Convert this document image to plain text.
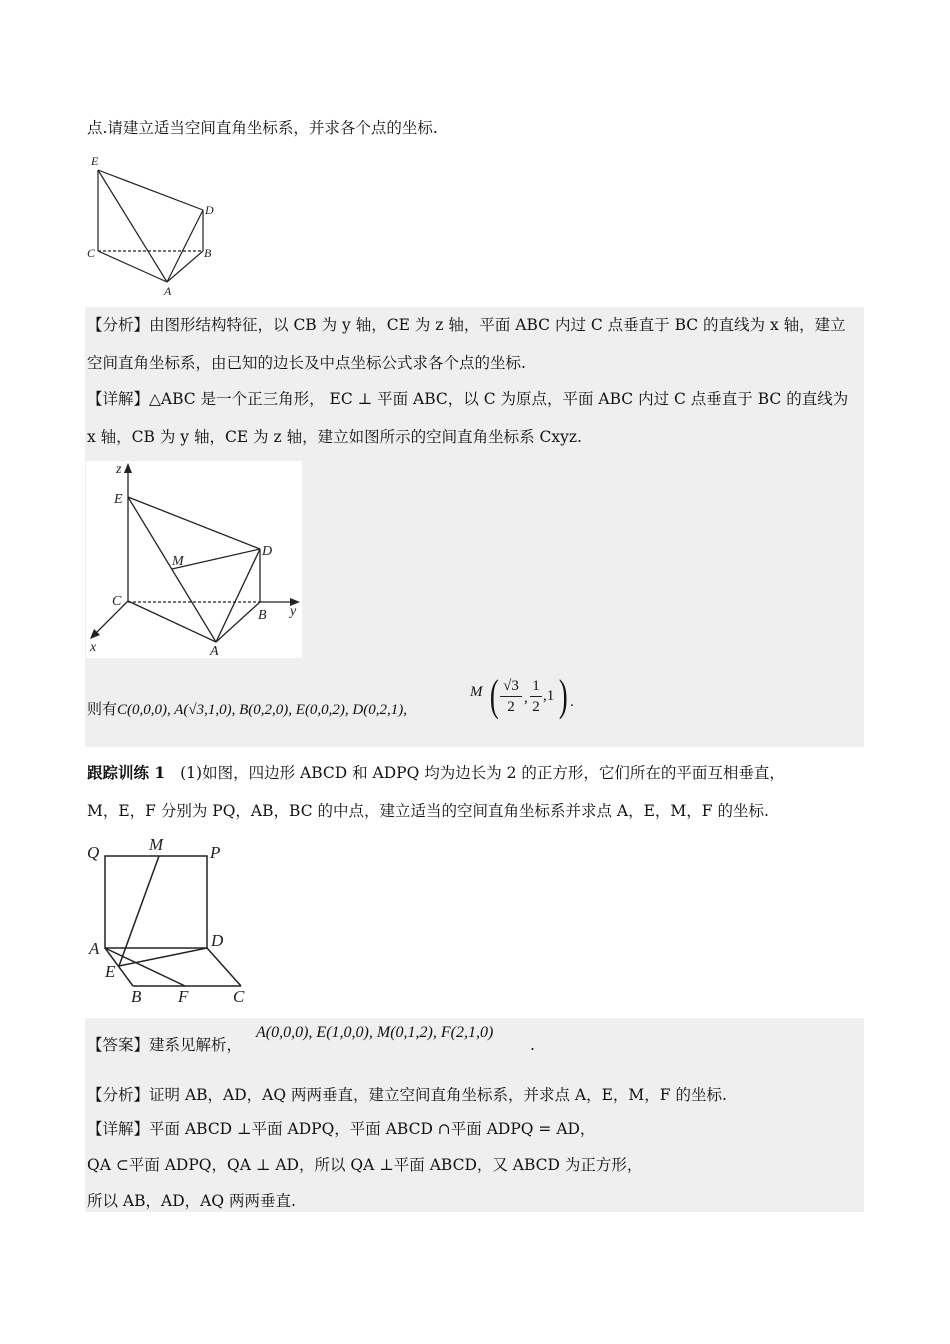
点.请建立适当空间直角坐标系，并求各个点的坐标.
E
D
C	B
A
【分析】由图形结构特征，以 CB 为 y 轴，CE 为 z 轴，平面 ABC 内过 C 点垂直于 BC 的直线为 x 轴，建立
空间直角坐标系，由已知的边长及中点坐标公式求各个点的坐标.
【详解】△ABC 是一个正三角形， EC ⊥ 平面 ABC，以 C 为原点，平面 ABC 内过 C 点垂直于 BC 的直线为
x 轴，CB 为 y 轴，CE 为 z 轴，建立如图所示的空间直角坐标系 Cxyz.
z
E
M
D
C
B y
x	A
则有C(0,0,0), A(√3,1,0), B(0,2,0), E(0,0,2), D(0,2,1),
M ( $\frac{√3}{2}$ , $\frac{1}{2} ,1$ ) .
跟踪训练 1 (1)如图，四边形 ABCD 和 ADPQ 均为边长为 2 的正方形，它们所在的平面互相垂直，
M，E，F 分别为 PQ，AB，BC 的中点，建立适当的空间直角坐标系并求点 A，E，M，F 的坐标.
Q	M	P
A	D
E
B F	C
【答案】建系见解析，
A(0,0,0), E(1,0,0), M(0,1,2), F(2,1,0)
.
【分析】证明 AB，AD，AQ 两两垂直，建立空间直角坐标系，并求点 A，E，M，F 的坐标.
【详解】平面 ABCD ⊥平面 ADPQ，平面 ABCD ∩平面 ADPQ = AD，
QA ⊂平面 ADPQ，QA ⊥ AD，所以 QA ⊥平面 ABCD，又 ABCD 为正方形，
所以 AB，AD，AQ 两两垂直.
